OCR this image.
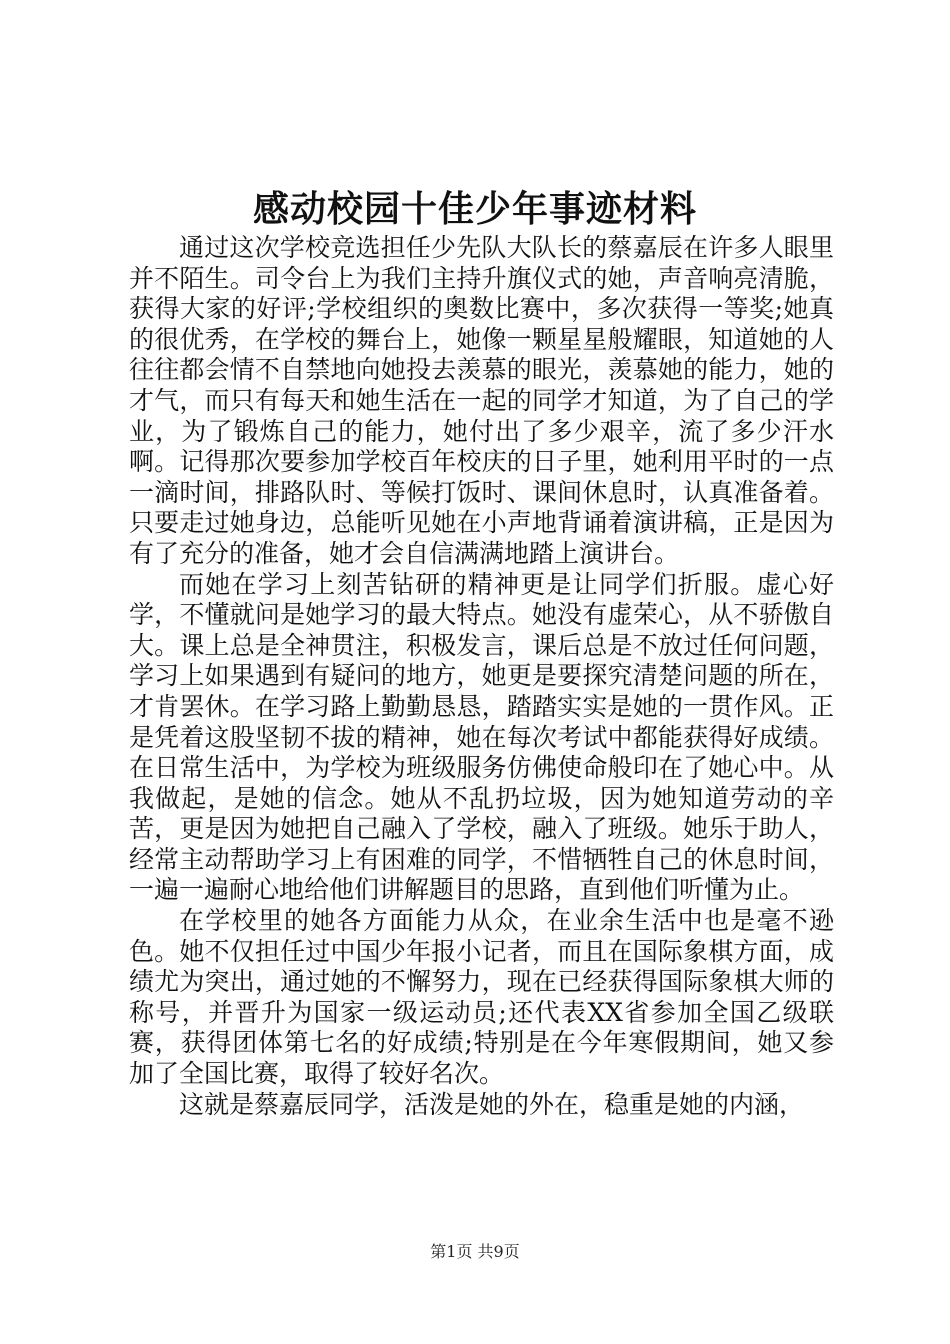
感动校园十佳少年事迹材料

通过这次学校竞选担任少先队大队长的蔡嘉辰在许多人眼里并不陌生。司令台上为我们主持升旗仪式的她，声音响亮清脆，获得大家的好评;学校组织的奥数比赛中，多次获得一等奖;她真的很优秀，在学校的舞台上，她像一颗星星般耀眼，知道她的人往往都会情不自禁地向她投去羡慕的眼光，羡慕她的能力，她的才气，而只有每天和她生活在一起的同学才知道，为了自己的学业，为了锻炼自己的能力，她付出了多少艰辛，流了多少汗水啊。记得那次要参加学校百年校庆的日子里，她利用平时的一点一滴时间，排路队时、等候打饭时、课间休息时，认真准备着。只要走过她身边，总能听见她在小声地背诵着演讲稿，正是因为有了充分的准备，她才会自信满满地踏上演讲台。

而她在学习上刻苦钻研的精神更是让同学们折服。虚心好学，不懂就问是她学习的最大特点。她没有虚荣心，从不骄傲自大。课上总是全神贯注，积极发言，课后总是不放过任何问题，学习上如果遇到有疑问的地方，她更是要探究清楚问题的所在，才肯罢休。在学习路上勤勤恳恳，踏踏实实是她的一贯作风。正是凭着这股坚韧不拔的精神，她在每次考试中都能获得好成绩。在日常生活中，为学校为班级服务仿佛使命般印在了她心中。从我做起，是她的信念。她从不乱扔垃圾，因为她知道劳动的辛苦，更是因为她把自己融入了学校，融入了班级。她乐于助人，经常主动帮助学习上有困难的同学，不惜牺牲自己的休息时间，一遍一遍耐心地给他们讲解题目的思路，直到他们听懂为止。

在学校里的她各方面能力从众，在业余生活中也是毫不逊色。她不仅担任过中国少年报小记者，而且在国际象棋方面，成绩尤为突出，通过她的不懈努力，现在已经获得国际象棋大师的称号，并晋升为国家一级运动员;还代表XX省参加全国乙级联赛，获得团体第七名的好成绩;特别是在今年寒假期间，她又参加了全国比赛，取得了较好名次。

这就是蔡嘉辰同学，活泼是她的外在，稳重是她的内涵，

第1页 共9页
